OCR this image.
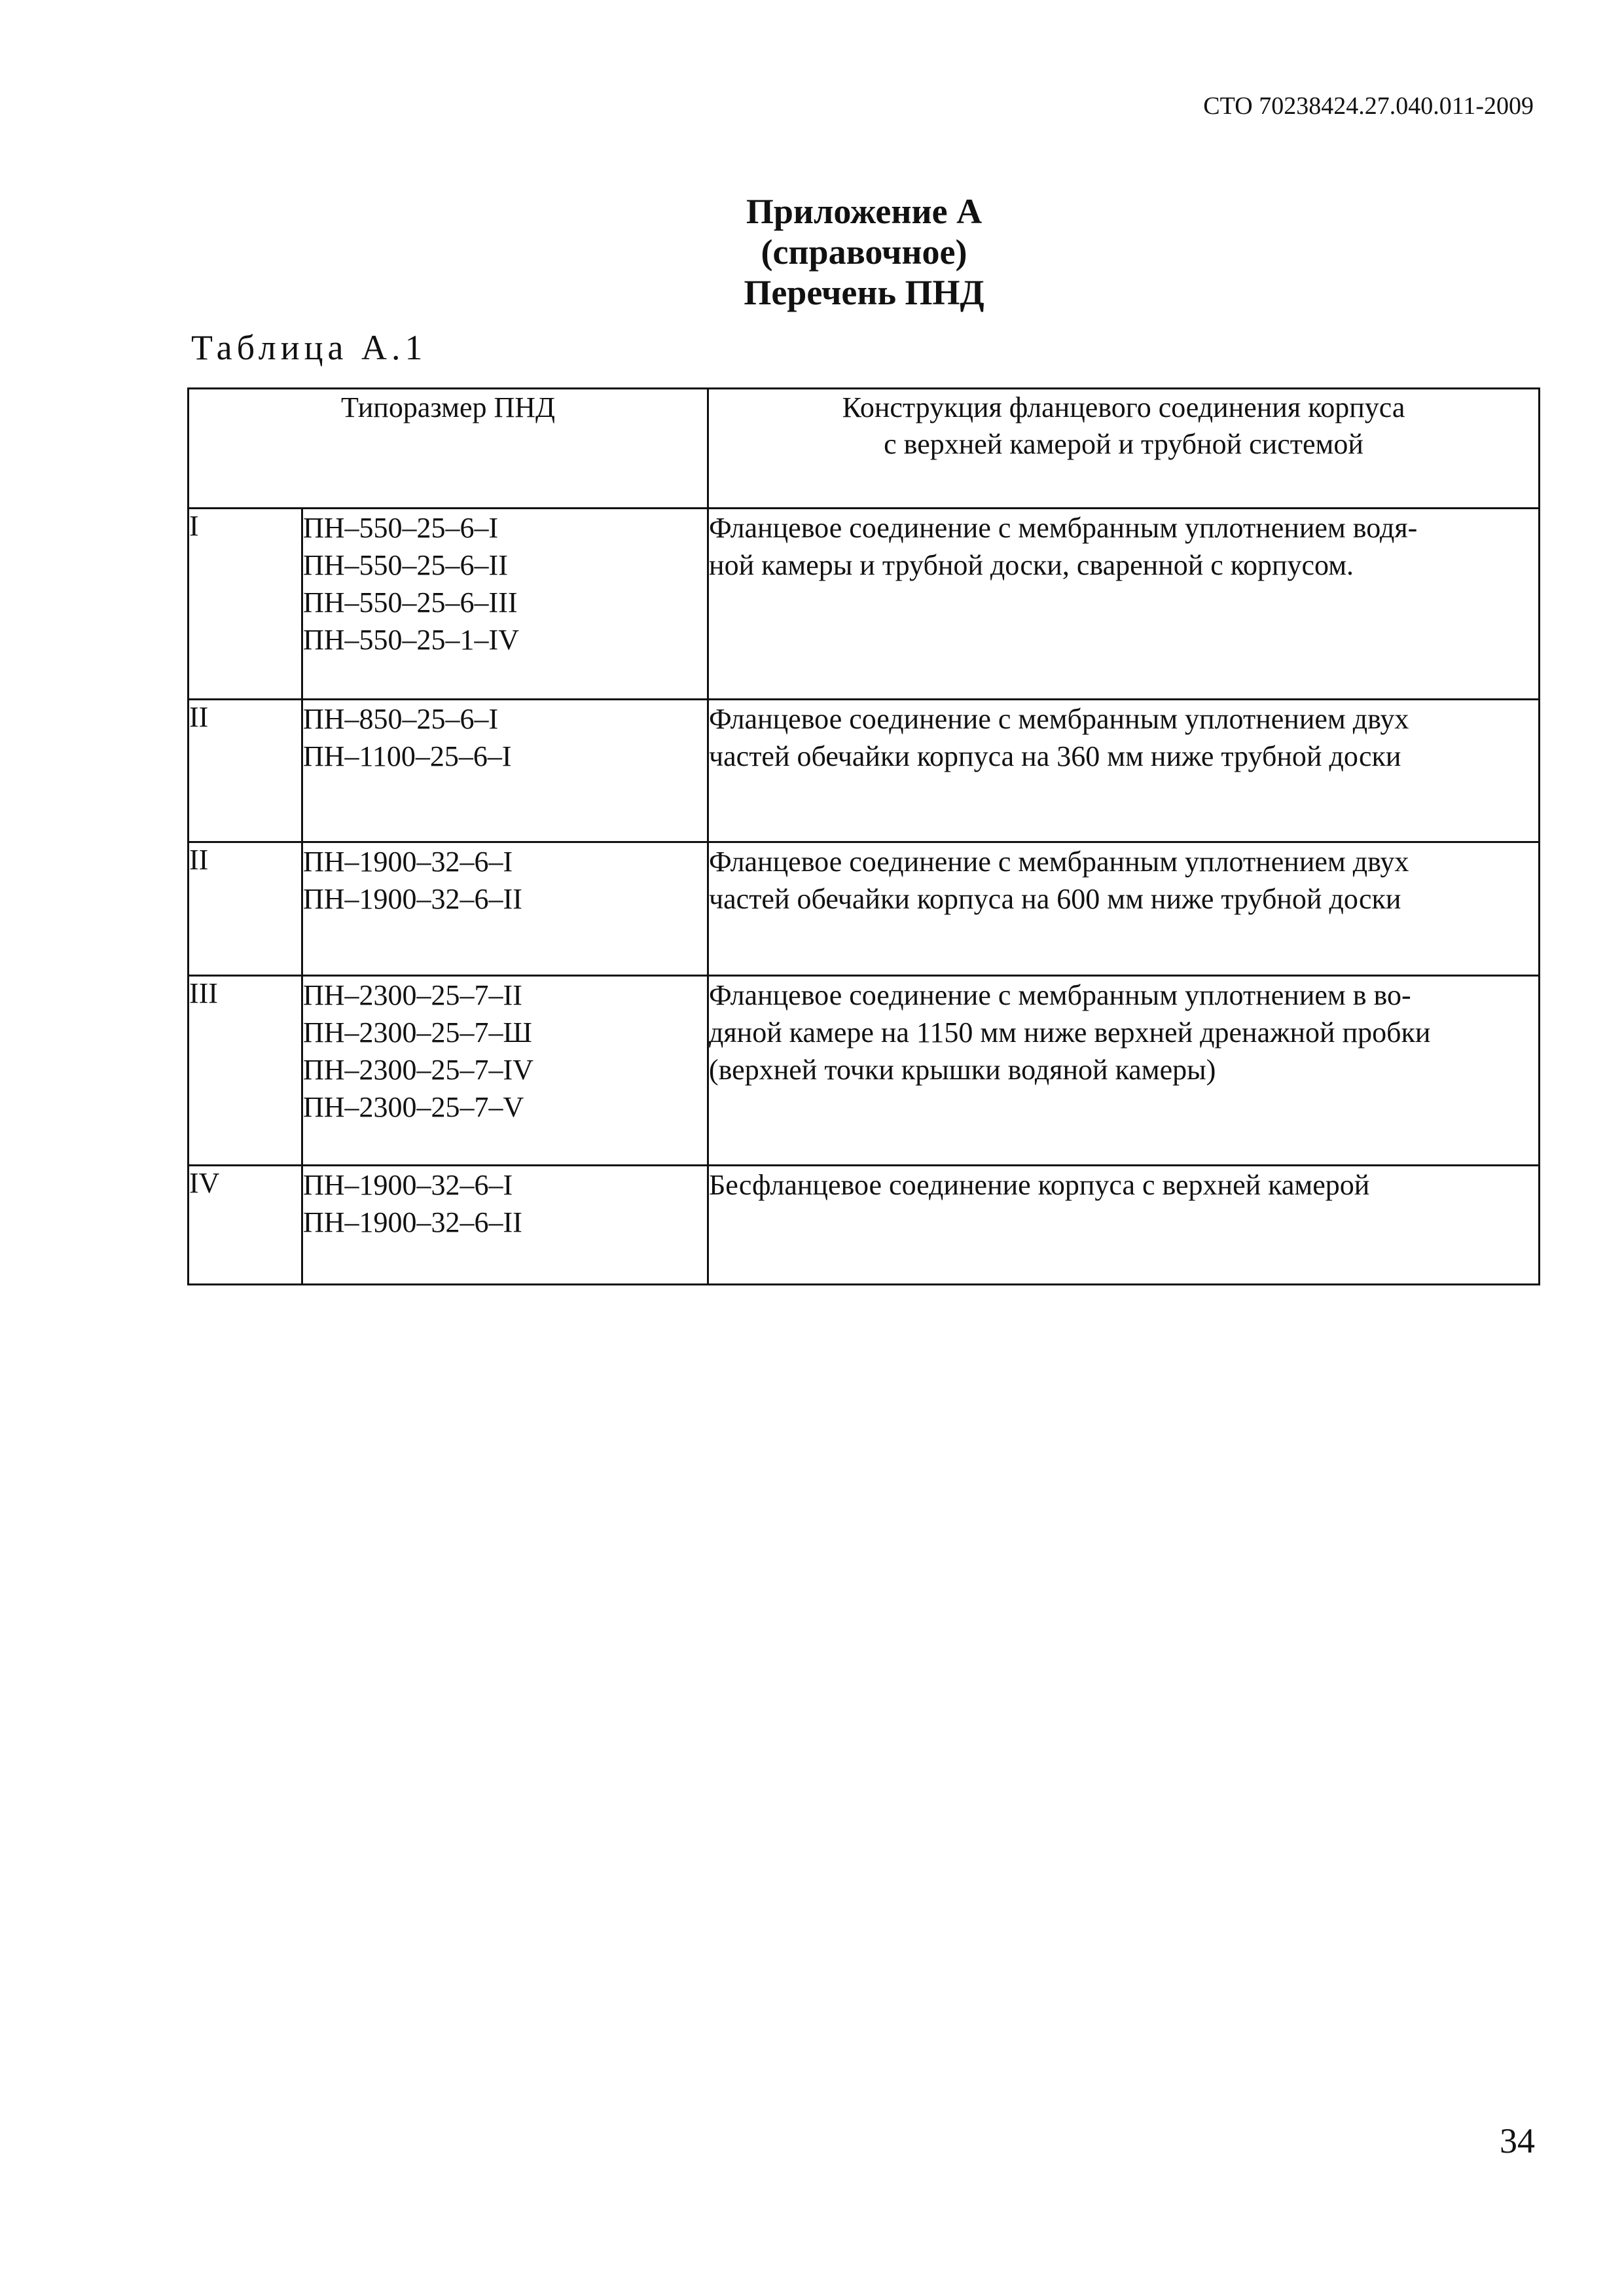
СТО 70238424.27.040.011-2009
Приложение А
(справочное)
Перечень ПНД
Таблица А.1
Типоразмер ПНД		Конструкция фланцевого соединения корпуса
с верхней камерой и трубной системой

I	ПН–550–25–6–I
ПН–550–25–6–II
ПН–550–25–6–III
ПН–550–25–1–IV	Фланцевое соединение с мембранным уплотнением водя-
ной камеры и трубной доски, сваренной с корпусом.

II	ПН–850–25–6–I
ПН–1100–25–6–I	Фланцевое соединение с мембранным уплотнением двух
частей обечайки корпуса на 360 мм ниже трубной доски

II	ПН–1900–32–6–I
ПН–1900–32–6–II	Фланцевое соединение с мембранным уплотнением двух
частей обечайки корпуса на 600 мм ниже трубной доски

III	ПН–2300–25–7–II
ПН–2300–25–7–Ш
ПН–2300–25–7–IV
ПН–2300–25–7–V	Фланцевое соединение с мембранным уплотнением в во-
дяной камере на 1150 мм ниже верхней дренажной пробки
(верхней точки крышки водяной камеры)

IV	ПН–1900–32–6–I
ПН–1900–32–6–II	Бесфланцевое соединение корпуса с верхней камерой
34
